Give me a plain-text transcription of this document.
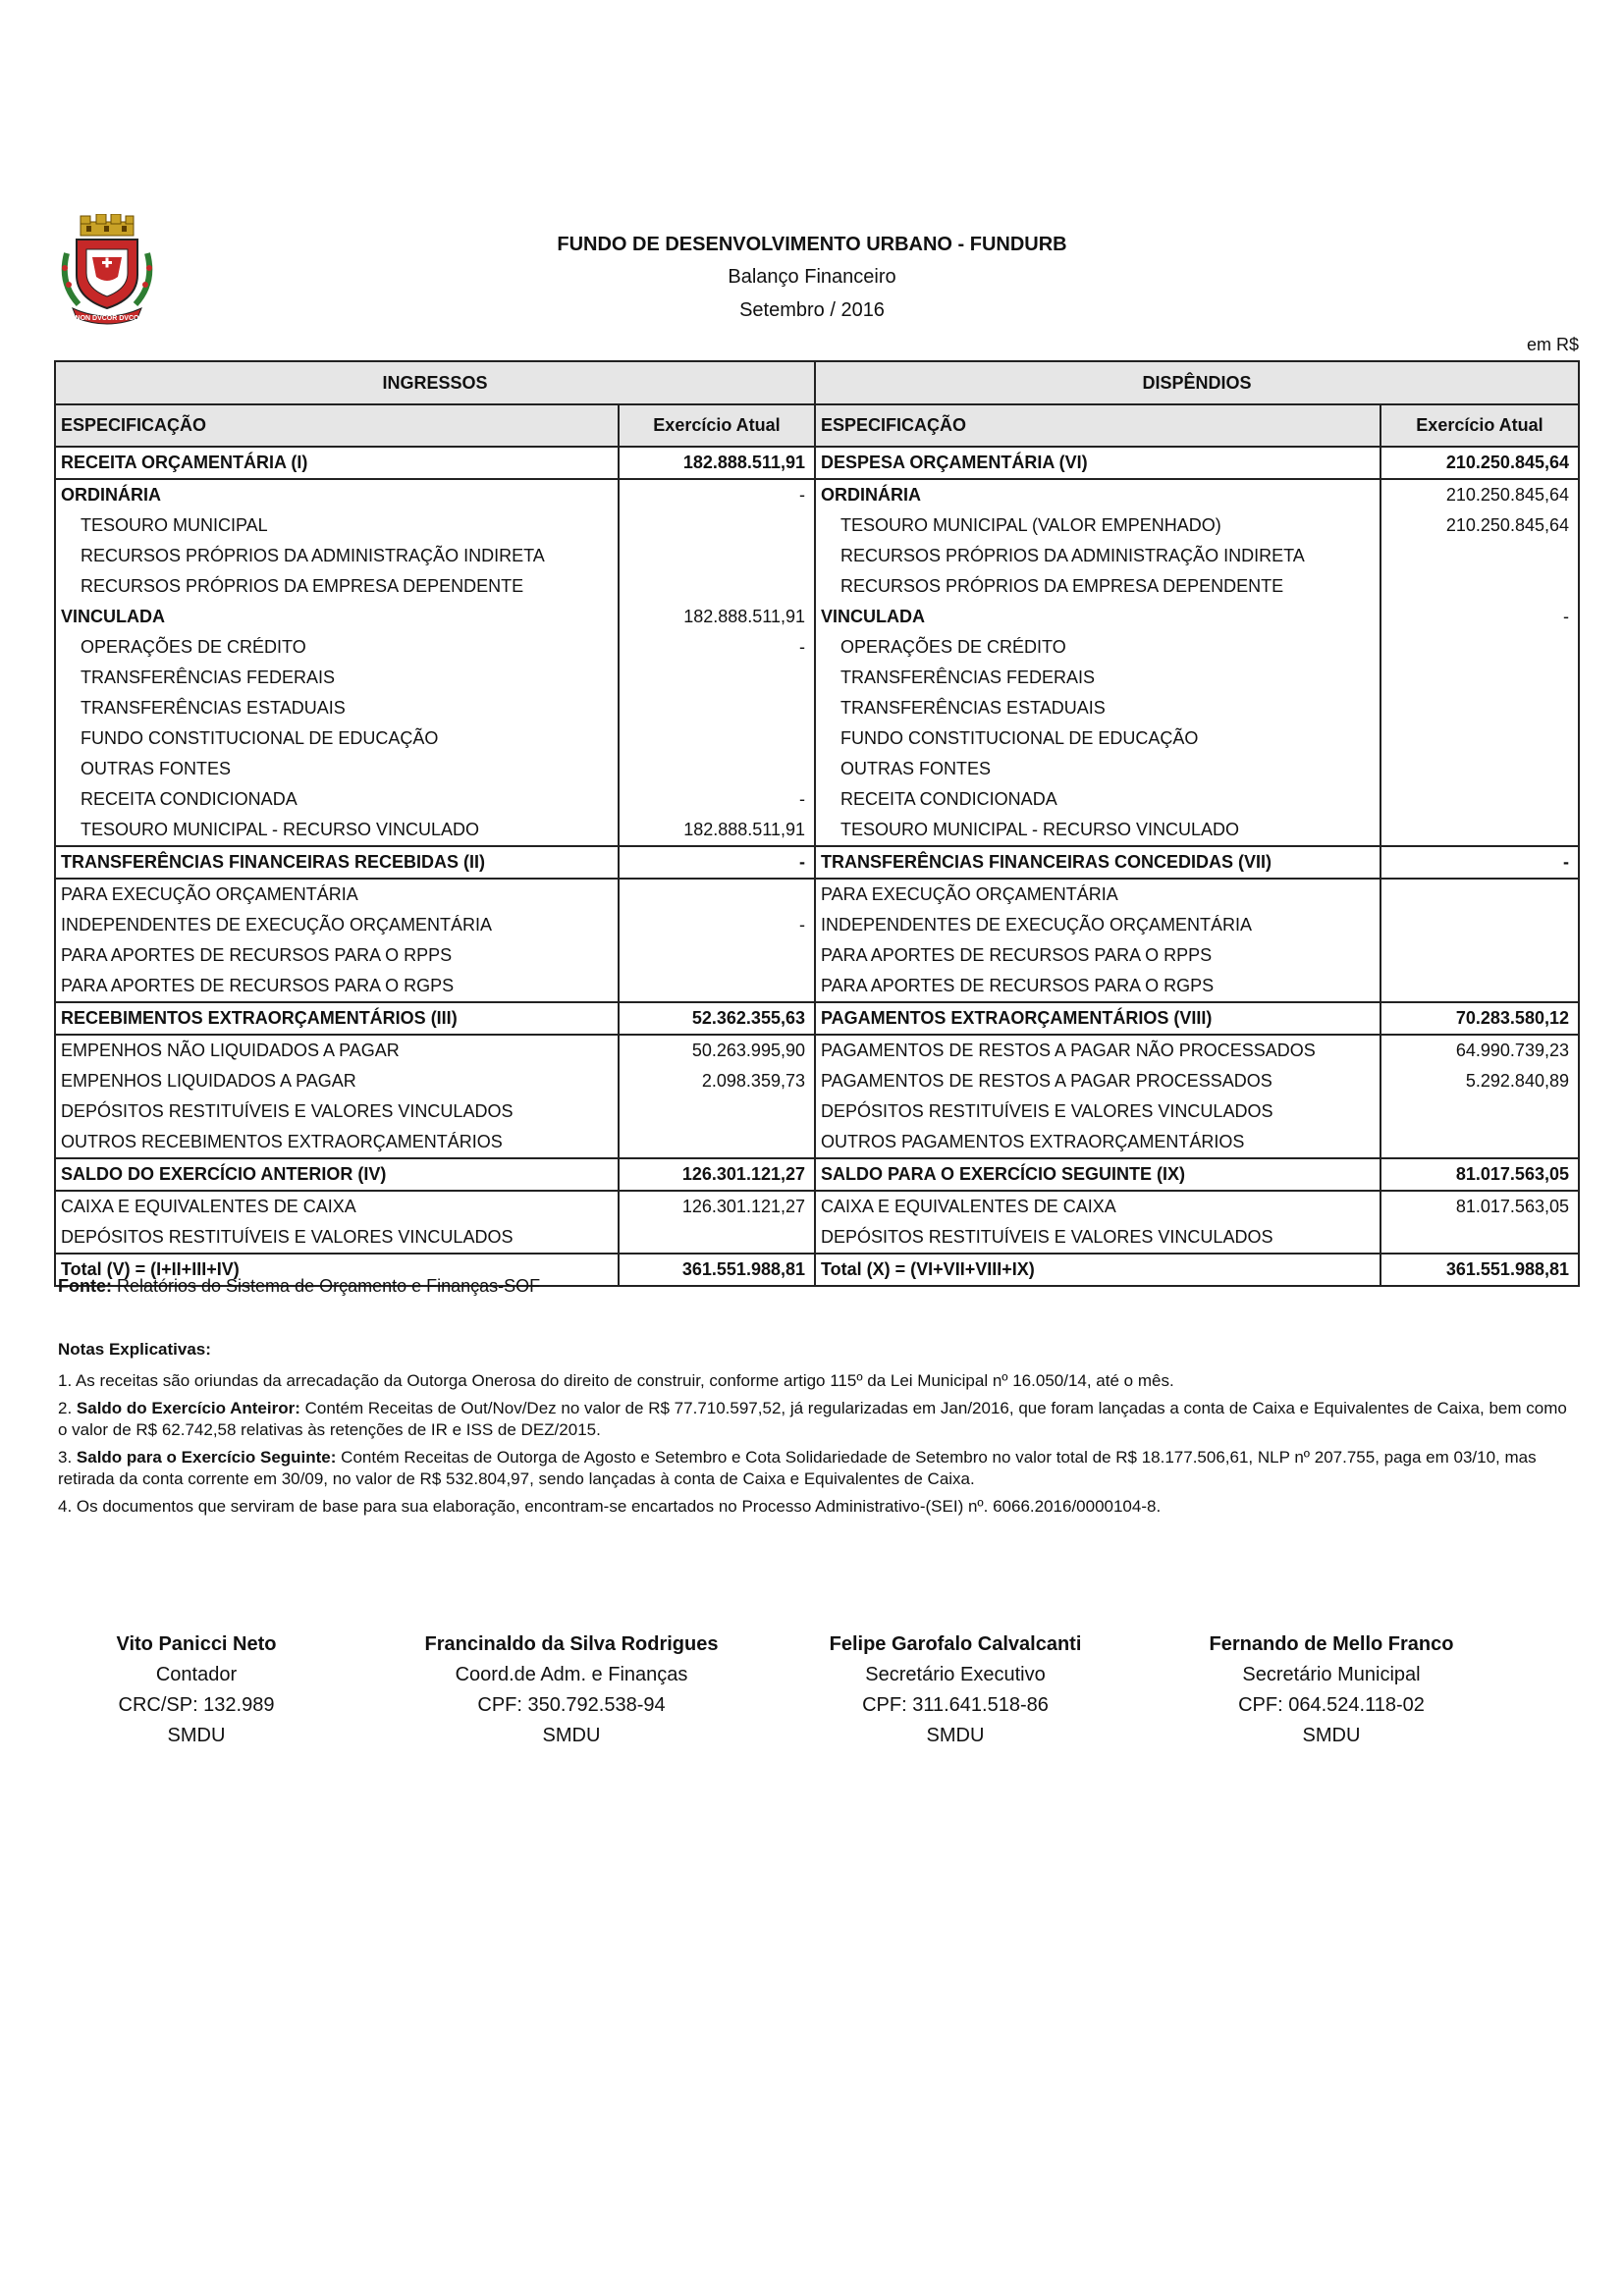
NON DVCOR DVCO
FUNDO DE DESENVOLVIMENTO URBANO - FUNDURB
Balanço Financeiro
Setembro / 2016
em R$
INGRESSOS		DISPÊNDIOS	
ESPECIFICAÇÃO	Exercício Atual	ESPECIFICAÇÃO	Exercício Atual
RECEITA ORÇAMENTÁRIA (I)	182.888.511,91	DESPESA ORÇAMENTÁRIA (VI)	210.250.845,64
ORDINÁRIA	-	ORDINÁRIA	210.250.845,64
TESOURO MUNICIPAL		TESOURO MUNICIPAL (VALOR EMPENHADO)	210.250.845,64
RECURSOS PRÓPRIOS DA ADMINISTRAÇÃO INDIRETA		RECURSOS PRÓPRIOS DA ADMINISTRAÇÃO INDIRETA	
RECURSOS PRÓPRIOS DA EMPRESA DEPENDENTE		RECURSOS PRÓPRIOS DA EMPRESA DEPENDENTE	
VINCULADA	182.888.511,91	VINCULADA	-
OPERAÇÕES DE CRÉDITO	-	OPERAÇÕES DE CRÉDITO	
TRANSFERÊNCIAS FEDERAIS		TRANSFERÊNCIAS FEDERAIS	
TRANSFERÊNCIAS ESTADUAIS		TRANSFERÊNCIAS ESTADUAIS	
FUNDO CONSTITUCIONAL DE EDUCAÇÃO		FUNDO CONSTITUCIONAL DE EDUCAÇÃO	
OUTRAS FONTES		OUTRAS FONTES	
RECEITA CONDICIONADA	-	RECEITA CONDICIONADA	
TESOURO MUNICIPAL - RECURSO VINCULADO	182.888.511,91	TESOURO MUNICIPAL - RECURSO VINCULADO	
TRANSFERÊNCIAS FINANCEIRAS RECEBIDAS (II)	-	TRANSFERÊNCIAS FINANCEIRAS CONCEDIDAS (VII)	-
PARA EXECUÇÃO ORÇAMENTÁRIA		PARA EXECUÇÃO ORÇAMENTÁRIA	
INDEPENDENTES DE EXECUÇÃO ORÇAMENTÁRIA	-	INDEPENDENTES DE EXECUÇÃO ORÇAMENTÁRIA	
PARA APORTES DE RECURSOS PARA O RPPS		PARA APORTES DE RECURSOS PARA O RPPS	
PARA APORTES DE RECURSOS PARA O RGPS		PARA APORTES DE RECURSOS PARA O RGPS	
RECEBIMENTOS EXTRAORÇAMENTÁRIOS (III)	52.362.355,63	PAGAMENTOS EXTRAORÇAMENTÁRIOS (VIII)	70.283.580,12
EMPENHOS NÃO LIQUIDADOS A PAGAR	50.263.995,90	PAGAMENTOS DE RESTOS A PAGAR NÃO PROCESSADOS	64.990.739,23
EMPENHOS LIQUIDADOS A PAGAR	2.098.359,73	PAGAMENTOS DE RESTOS A PAGAR PROCESSADOS	5.292.840,89
DEPÓSITOS RESTITUÍVEIS E VALORES VINCULADOS		DEPÓSITOS RESTITUÍVEIS E VALORES VINCULADOS	
OUTROS RECEBIMENTOS EXTRAORÇAMENTÁRIOS		OUTROS PAGAMENTOS EXTRAORÇAMENTÁRIOS	
SALDO DO EXERCÍCIO ANTERIOR (IV)	126.301.121,27	SALDO PARA O EXERCÍCIO SEGUINTE (IX)	81.017.563,05
CAIXA E EQUIVALENTES DE CAIXA	126.301.121,27	CAIXA E EQUIVALENTES DE CAIXA	81.017.563,05
DEPÓSITOS RESTITUÍVEIS E VALORES VINCULADOS		DEPÓSITOS RESTITUÍVEIS E VALORES VINCULADOS	
Total (V) = (I+II+III+IV)	361.551.988,81	Total (X) = (VI+VII+VIII+IX)	361.551.988,81
Fonte: Relatórios do Sistema de Orçamento e Finanças-SOF
Notas Explicativas:

1. As receitas são oriundas da arrecadação da Outorga Onerosa do direito de construir, conforme artigo 115º da Lei Municipal nº 16.050/14, até o mês.

2. Saldo do Exercício Anteiror: Contém Receitas de Out/Nov/Dez no valor de R$ 77.710.597,52, já regularizadas em Jan/2016, que foram lançadas a conta de Caixa e Equivalentes de Caixa, bem como o valor de R$ 62.742,58 relativas às retenções de IR e ISS de DEZ/2015.

3. Saldo para o Exercício Seguinte: Contém Receitas de Outorga de Agosto e Setembro e Cota Solidariedade de Setembro no valor total de R$ 18.177.506,61, NLP nº 207.755, paga em 03/10, mas retirada da conta corrente em 30/09, no valor de R$ 532.804,97, sendo lançadas à conta de Caixa e Equivalentes de Caixa.

4. Os documentos que serviram de base para sua elaboração, encontram-se encartados no Processo Administrativo-(SEI) nº. 6066.2016/0000104-8.

Vito Panicci Neto
Contador
CRC/SP: 132.989
SMDU
Francinaldo da Silva Rodrigues
Coord.de Adm. e Finanças
CPF: 350.792.538-94
SMDU
Felipe Garofalo Calvalcanti
Secretário Executivo
CPF: 311.641.518-86
SMDU
Fernando de Mello Franco
Secretário Municipal
CPF: 064.524.118-02
SMDU
